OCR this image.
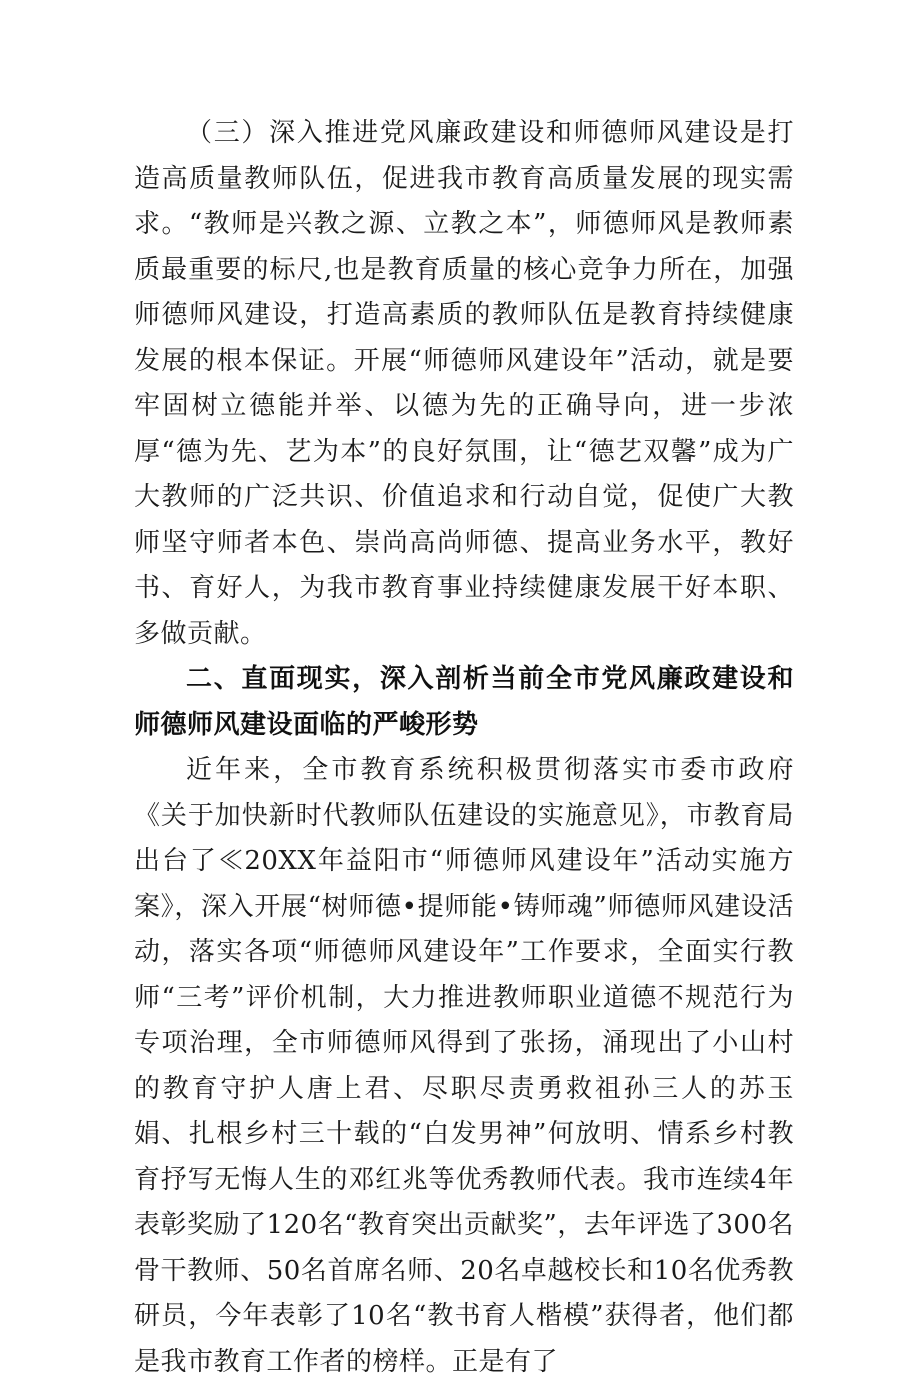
（三）深入推进党风廉政建设和师德师风建设是打造高质量教师队伍，促进我市教育高质量发展的现实需求。“教师是兴教之源、立教之本”，师德师风是教师素质最重要的标尺,也是教育质量的核心竞争力所在，加强师德师风建设，打造高素质的教师队伍是教育持续健康发展的根本保证。开展“师德师风建设年”活动，就是要牢固树立德能并举、以德为先的正确导向，进一步浓厚“德为先、艺为本”的良好氛围，让“德艺双馨”成为广大教师的广泛共识、价值追求和行动自觉，促使广大教师坚守师者本色、崇尚高尚师德、提高业务水平，教好书、育好人，为我市教育事业持续健康发展干好本职、多做贡献。

二、直面现实，深入剖析当前全市党风廉政建设和师德师风建设面临的严峻形势

近年来，全市教育系统积极贯彻落实市委市政府《关于加快新时代教师队伍建设的实施意见》，市教育局出台了≪20XX年益阳市“师德师风建设年”活动实施方案》，深入开展“树师德•提师能•铸师魂”师德师风建设活动，落实各项“师德师风建设年”工作要求，全面实行教师“三考”评价机制，大力推进教师职业道德不规范行为专项治理，全市师德师风得到了张扬，涌现出了小山村的教育守护人唐上君、尽职尽责勇救祖孙三人的苏玉娟、扎根乡村三十载的“白发男神”何放明、情系乡村教育抒写无悔人生的邓红兆等优秀教师代表。我市连续4年表彰奖励了120名“教育突出贡献奖”，去年评选了300名骨干教师、50名首席名师、20名卓越校长和10名优秀教研员，今年表彰了10名“教书育人楷模”获得者，他们都是我市教育工作者的榜样。正是有了
